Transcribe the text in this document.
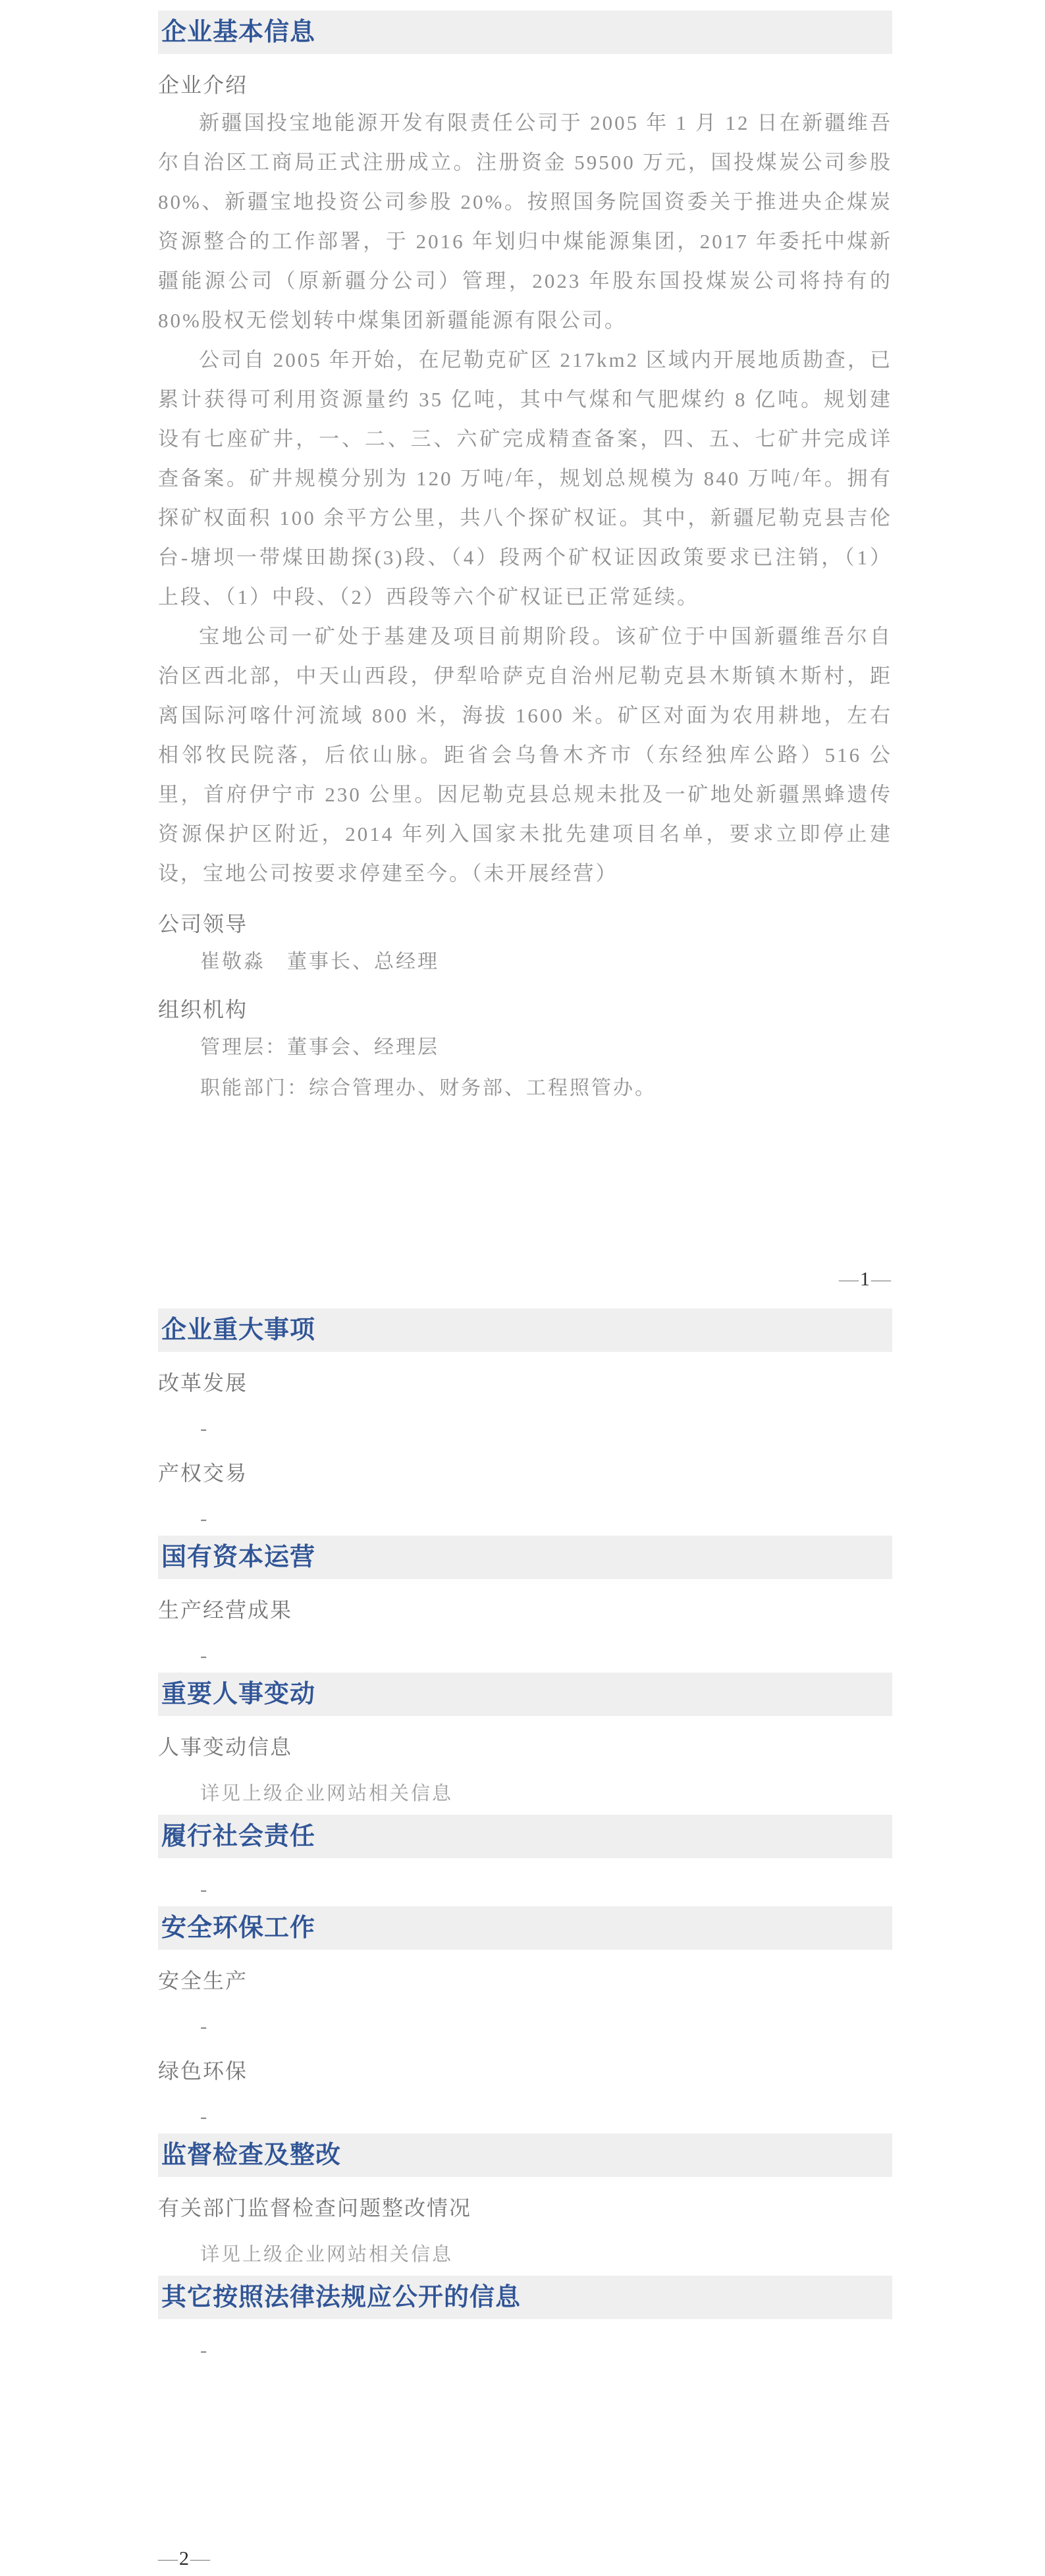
企业基本信息
企业介绍

新疆国投宝地能源开发有限责任公司于 2005 年 1 月 12 日在新疆维吾尔自治区工商局正式注册成立。注册资金 59500 万元，国投煤炭公司参股 80%、新疆宝地投资公司参股 20%。按照国务院国资委关于推进央企煤炭资源整合的工作部署，于 2016 年划归中煤能源集团，2017 年委托中煤新疆能源公司（原新疆分公司）管理，2023 年股东国投煤炭公司将持有的 80%股权无偿划转中煤集团新疆能源有限公司。

公司自 2005 年开始，在尼勒克矿区 217km2 区域内开展地质勘查，已累计获得可利用资源量约 35 亿吨，其中气煤和气肥煤约 8 亿吨。规划建设有七座矿井，一、二、三、六矿完成精查备案，四、五、七矿井完成详查备案。矿井规模分别为 120 万吨/年，规划总规模为 840 万吨/年。拥有探矿权面积 100 余平方公里，共八个探矿权证。其中，新疆尼勒克县吉伦台-塘坝一带煤田勘探(3)段、（4）段两个矿权证因政策要求已注销，（1）上段、（1）中段、（2）西段等六个矿权证已正常延续。

宝地公司一矿处于基建及项目前期阶段。该矿位于中国新疆维吾尔自治区西北部，中天山西段，伊犁哈萨克自治州尼勒克县木斯镇木斯村，距离国际河喀什河流域 800 米，海拔 1600 米。矿区对面为农用耕地，左右相邻牧民院落，后依山脉。距省会乌鲁木齐市（东经独库公路）516 公里，首府伊宁市 230 公里。因尼勒克县总规未批及一矿地处新疆黑蜂遗传资源保护区附近，2014 年列入国家未批先建项目名单，要求立即停止建设，宝地公司按要求停建至今。（未开展经营）

公司领导

崔敬淼　董事长、总经理

组织机构

管理层：董事会、经理层

职能部门：综合管理办、财务部、工程照管办。

—1—
企业重大事项
改革发展

-

产权交易

-

国有资本运营
生产经营成果

-

重要人事变动
人事变动信息

详见上级企业网站相关信息

履行社会责任

-

安全环保工作
安全生产

-

绿色环保

-

监督检查及整改
有关部门监督检查问题整改情况

详见上级企业网站相关信息

其它按照法律法规应公开的信息

-

—2—
